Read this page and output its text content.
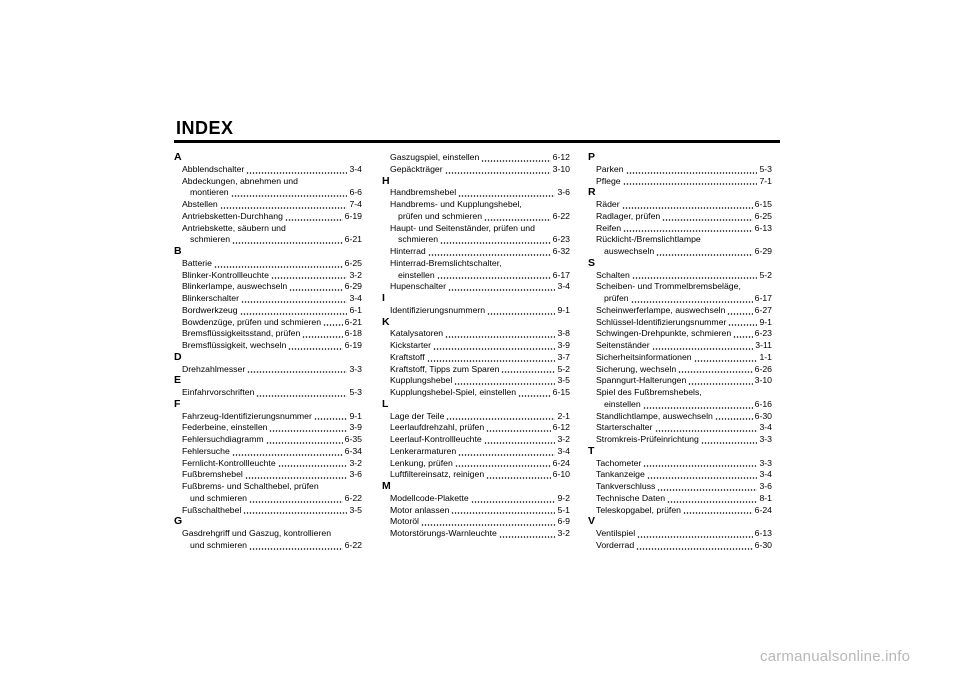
INDEX
A
Abblendschalter	3-4
Abdeckungen, abnehmen und
montieren	6-6
Abstellen	7-4
Antriebsketten-Durchhang	6-19
Antriebskette, säubern und
schmieren	6-21
B
Batterie	6-25
Blinker-Kontrollleuchte	3-2
Blinkerlampe, auswechseln	6-29
Blinkerschalter	3-4
Bordwerkzeug	6-1
Bowdenzüge, prüfen und schmieren	6-21
Bremsflüssigkeitsstand, prüfen	6-18
Bremsflüssigkeit, wechseln	6-19
D
Drehzahlmesser	3-3
E
Einfahrvorschriften	5-3
F
Fahrzeug-Identifizierungsnummer	9-1
Federbeine, einstellen	3-9
Fehlersuchdiagramm	6-35
Fehlersuche	6-34
Fernlicht-Kontrollleuchte	3-2
Fußbremshebel	3-6
Fußbrems- und Schalthebel, prüfen
und schmieren	6-22
Fußschalthebel	3-5
G
Gasdrehgriff und Gaszug, kontrollieren
und schmieren	6-22
Gaszugspiel, einstellen	6-12
Gepäckträger	3-10
H
Handbremshebel	3-6
Handbrems- und Kupplungshebel,
prüfen und schmieren	6-22
Haupt- und Seitenständer, prüfen und
schmieren	6-23
Hinterrad	6-32
Hinterrad-Bremslichtschalter,
einstellen	6-17
Hupenschalter	3-4
I
Identifizierungsnummern	9-1
K
Katalysatoren	3-8
Kickstarter	3-9
Kraftstoff	3-7
Kraftstoff, Tipps zum Sparen	5-2
Kupplungshebel	3-5
Kupplungshebel-Spiel, einstellen	6-15
L
Lage der Teile	2-1
Leerlaufdrehzahl, prüfen	6-12
Leerlauf-Kontrollleuchte	3-2
Lenkerarmaturen	3-4
Lenkung, prüfen	6-24
Luftfiltereinsatz, reinigen	6-10
M
Modellcode-Plakette	9-2
Motor anlassen	5-1
Motoröl	6-9
Motorstörungs-Warnleuchte	3-2
P
Parken	5-3
Pflege	7-1
R
Räder	6-15
Radlager, prüfen	6-25
Reifen	6-13
Rücklicht-/Bremslichtlampe
auswechseln	6-29
S
Schalten	5-2
Scheiben- und Trommelbremsbeläge,
prüfen	6-17
Scheinwerferlampe, auswechseln	6-27
Schlüssel-Identifizierungsnummer	9-1
Schwingen-Drehpunkte, schmieren	6-23
Seitenständer	3-11
Sicherheitsinformationen	1-1
Sicherung, wechseln	6-26
Spanngurt-Halterungen	3-10
Spiel des Fußbremshebels,
einstellen	6-16
Standlichtlampe, auswechseln	6-30
Starterschalter	3-4
Stromkreis-Prüfeinrichtung	3-3
T
Tachometer	3-3
Tankanzeige	3-4
Tankverschluss	3-6
Technische Daten	8-1
Teleskopgabel, prüfen	6-24
V
Ventilspiel	6-13
Vorderrad	6-30
carmanualsonline.info
